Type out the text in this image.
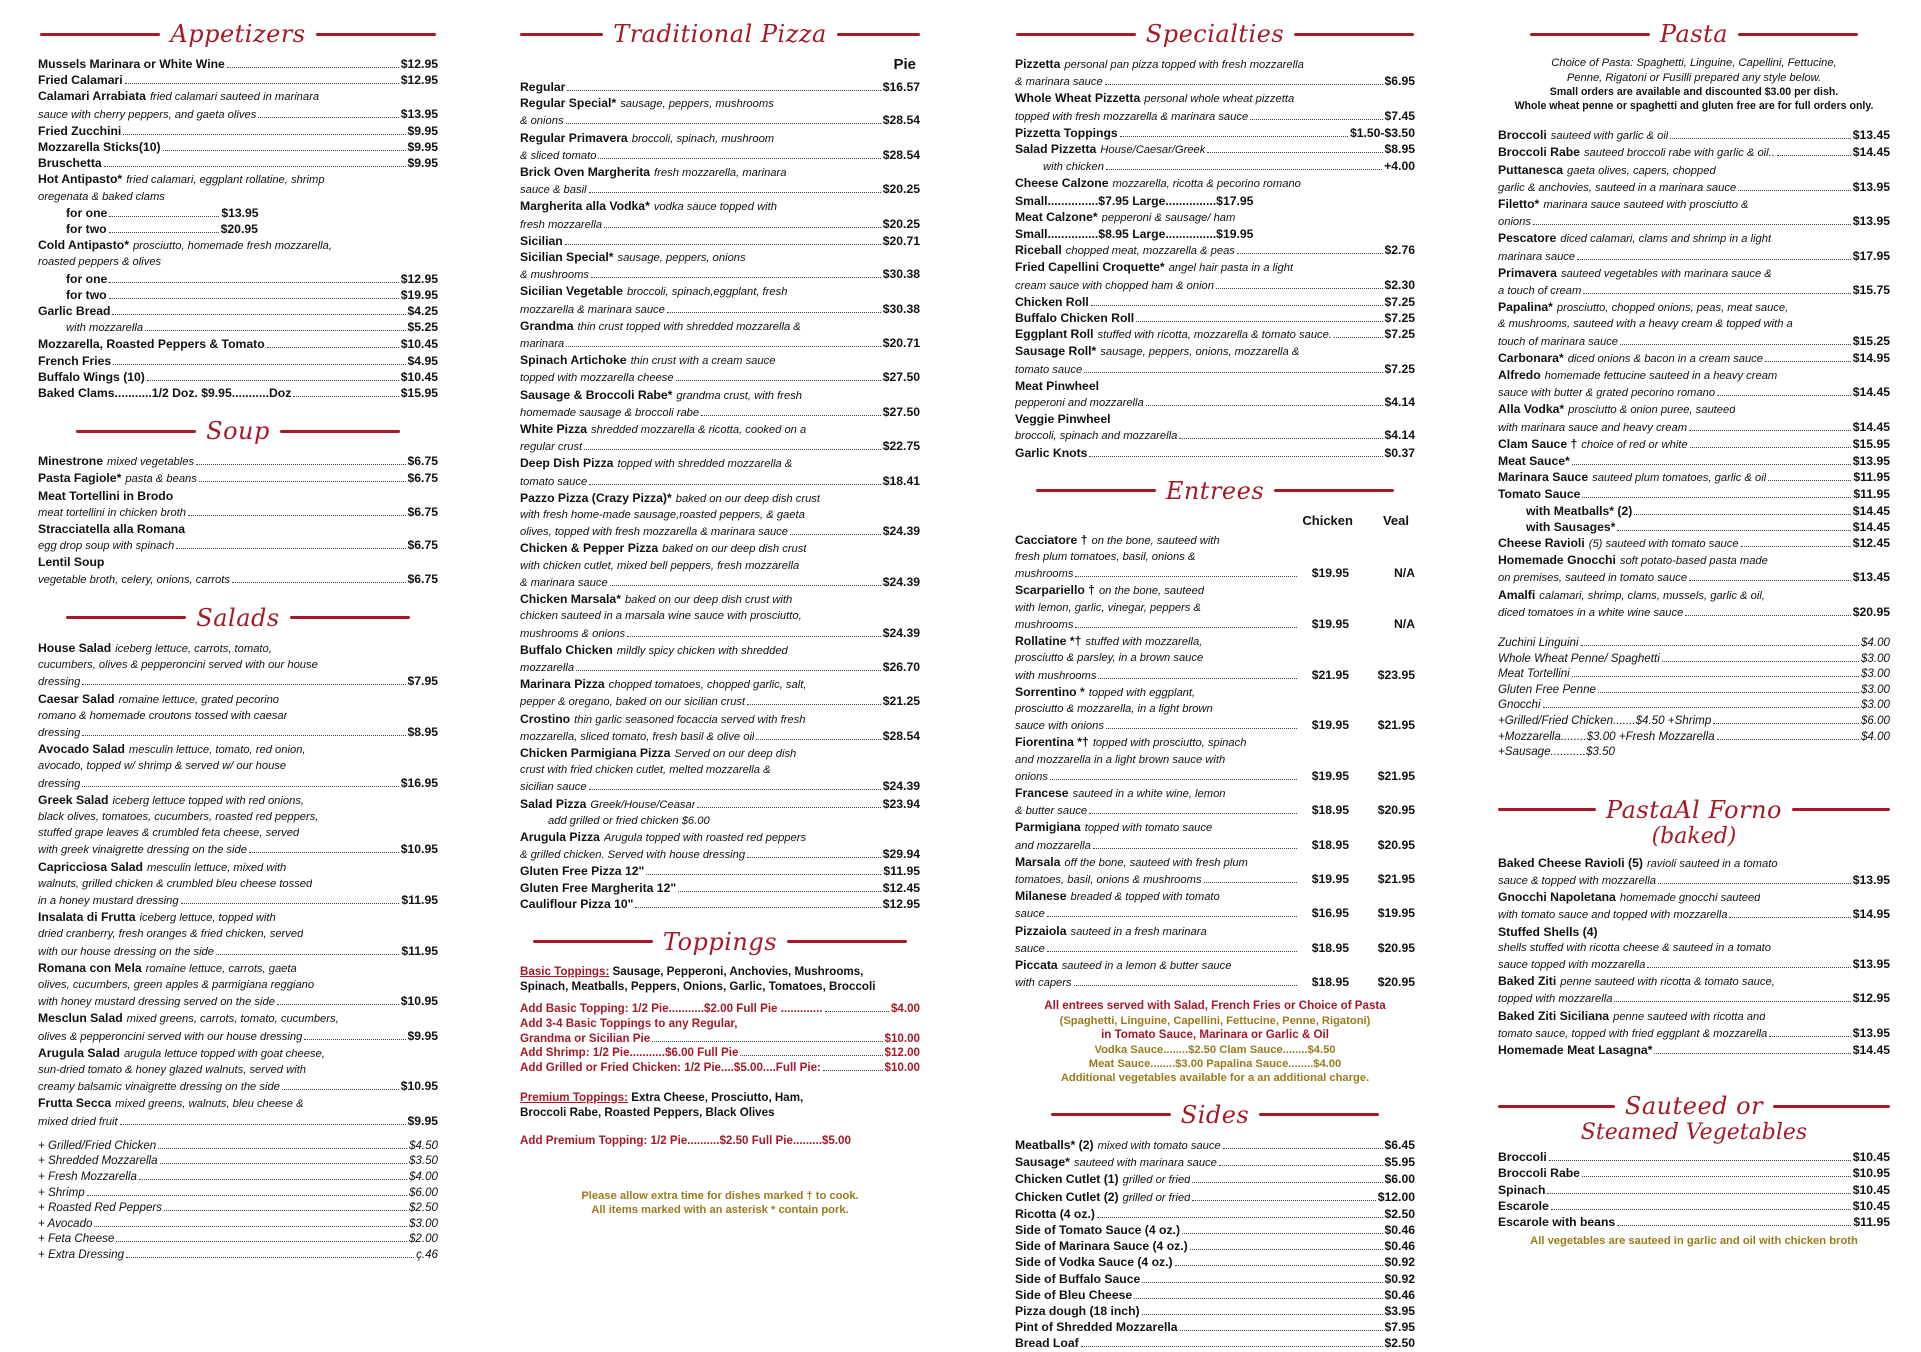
Appetizers
Mussels Marinara or White Wine	$12.95
Fried Calamari	$12.95
Calamari Arrabiata fried calamari sauteed in marinara
sauce with cherry peppers, and gaeta olives	$13.95
Fried Zucchini	$9.95
Mozzarella Sticks(10)	$9.95
Bruschetta	$9.95
Hot Antipasto* fried calamari, eggplant rollatine, shrimp
oregenata & baked clams
for one	$13.95
for two	$20.95
Cold Antipasto* prosciutto, homemade fresh mozzarella,
roasted peppers & olives
for one	$12.95
for two	$19.95
Garlic Bread	$4.25
with mozzarella	$5.25
Mozzarella, Roasted Peppers & Tomato	$10.45
French Fries	$4.95
Buffalo Wings (10)	$10.45
Baked Clams...........1/2 Doz. $9.95...........Doz	$15.95
Soup
Minestrone mixed vegetables	$6.75
Pasta Fagiole* pasta & beans	$6.75
Meat Tortellini in Brodo
meat tortellini in chicken broth	$6.75
Stracciatella alla Romana
egg drop soup with spinach	$6.75
Lentil Soup
vegetable broth, celery, onions, carrots	$6.75
Salads
House Salad iceberg lettuce, carrots, tomato,
cucumbers, olives & pepperoncini served with our house
dressing	$7.95
Caesar Salad romaine lettuce, grated pecorino
romano & homemade croutons tossed with caesar
dressing	$8.95
Avocado Salad mesculin lettuce, tomato, red onion,
avocado, topped w/ shrimp & served w/ our house
dressing	$16.95
Greek Salad iceberg lettuce topped with red onions,
black olives, tomatoes, cucumbers, roasted red peppers,
stuffed grape leaves & crumbled feta cheese, served
with greek vinaigrette dressing on the side	$10.95
Capricciosa Salad mesculin lettuce, mixed with
walnuts, grilled chicken & crumbled bleu cheese tossed
in a honey mustard dressing	$11.95
Insalata di Frutta iceberg lettuce, topped with
dried cranberry, fresh oranges & fried chicken, served
with our house dressing on the side	$11.95
Romana con Mela romaine lettuce, carrots, gaeta
olives, cucumbers, green apples & parmigiana reggiano
with honey mustard dressing served on the side	$10.95
Mesclun Salad mixed greens, carrots, tomato, cucumbers,
olives & pepperoncini served with our house dressing	$9.95
Arugula Salad arugula lettuce topped with goat cheese,
sun-dried tomato & honey glazed walnuts, served with
creamy balsamic vinaigrette dressing on the side	$10.95
Frutta Secca mixed greens, walnuts, bleu cheese &
mixed dried fruit	$9.95
+ Grilled/Fried Chicken	$4.50
+ Shredded Mozzarella	$3.50
+ Fresh Mozzarella	$4.00
+ Shrimp	$6.00
+ Roasted Red Peppers	$2.50
+ Avocado	$3.00
+ Feta Cheese	$2.00
+ Extra Dressing	ç.46
Traditional Pizza
Pie
Regular	$16.57
Regular Special* sausage, peppers, mushrooms
& onions	$28.54
Regular Primavera broccoli, spinach, mushroom
& sliced tomato	$28.54
Brick Oven Margherita fresh mozzarella, marinara
sauce & basil	$20.25
Margherita alla Vodka* vodka sauce topped with
fresh mozzarella	$20.25
Sicilian	$20.71
Sicilian Special* sausage, peppers, onions
& mushrooms	$30.38
Sicilian Vegetable broccoli, spinach,eggplant, fresh
mozzarella & marinara sauce	$30.38
Grandma thin crust topped with shredded mozzarella &
marinara	$20.71
Spinach Artichoke thin crust with a cream sauce
topped with mozzarella cheese	$27.50
Sausage & Broccoli Rabe* grandma crust, with fresh
homemade sausage & broccoli rabe	$27.50
White Pizza shredded mozzarella & ricotta, cooked on a
regular crust	$22.75
Deep Dish Pizza topped with shredded mozzarella &
tomato sauce	$18.41
Pazzo Pizza (Crazy Pizza)* baked on our deep dish crust
with fresh home-made sausage,roasted peppers, & gaeta
olives, topped with fresh mozzarella & marinara sauce	$24.39
Chicken & Pepper Pizza baked on our deep dish crust
with chicken cutlet, mixed bell peppers, fresh mozzarella
& marinara sauce	$24.39
Chicken Marsala* baked on our deep dish crust with
chicken sauteed in a marsala wine sauce with prosciutto,
mushrooms & onions	$24.39
Buffalo Chicken mildly spicy chicken with shredded
mozzarella	$26.70
Marinara Pizza chopped tomatoes, chopped garlic, salt,
pepper & oregano, baked on our sicilian crust	$21.25
Crostino thin garlic seasoned focaccia served with fresh
mozzarella, sliced tomato, fresh basil & olive oil	$28.54
Chicken Parmigiana Pizza Served on our deep dish
crust with fried chicken cutlet, melted mozzarella &
sicilian sauce	$24.39
Salad Pizza Greek/House/Ceasar	$23.94
add grilled or fried chicken $6.00
Arugula Pizza Arugula topped with roasted red peppers
& grilled chicken. Served with house dressing	$29.94
Gluten Free Pizza 12"	$11.95
Gluten Free Margherita 12"	$12.45
Cauliflour Pizza 10"	$12.95
Toppings
Basic Toppings: Sausage, Pepperoni, Anchovies, Mushrooms,
Spinach, Meatballs, Peppers, Onions, Garlic, Tomatoes, Broccoli
Add Basic Topping: 1/2 Pie...........$2.00 Full Pie .............	$4.00
Add 3-4 Basic Toppings to any Regular,
Grandma or Sicilian Pie	$10.00
Add Shrimp: 1/2 Pie...........$6.00 Full Pie	$12.00
Add Grilled or Fried Chicken: 1/2 Pie....$5.00....Full Pie:	$10.00
Premium Toppings: Extra Cheese, Prosciutto, Ham,
Broccoli Rabe, Roasted Peppers, Black Olives
Add Premium Topping: 1/2 Pie..........$2.50 Full Pie.........$5.00
Please allow extra time for dishes marked † to cook.
All items marked with an asterisk * contain pork.
Specialties
Pizzetta personal pan pizza topped with fresh mozzarella
& marinara sauce	$6.95
Whole Wheat Pizzetta personal whole wheat pizzetta
topped with fresh mozzarella & marinara sauce	$7.45
Pizzetta Toppings	$1.50-$3.50
Salad Pizzetta House/Caesar/Greek	$8.95
with chicken	+4.00
Cheese Calzone mozzarella, ricotta & pecorino romano
Small...............$7.95 Large...............$17.95
Meat Calzone* pepperoni & sausage/ ham
Small...............$8.95 Large...............$19.95
Riceball chopped meat, mozzarella & peas	$2.76
Fried Capellini Croquette* angel hair pasta in a light
cream sauce with chopped ham & onion	$2.30
Chicken Roll	$7.25
Buffalo Chicken Roll	$7.25
Eggplant Roll stuffed with ricotta, mozzarella & tomato sauce.	$7.25
Sausage Roll* sausage, peppers, onions, mozzarella &
tomato sauce	$7.25
Meat Pinwheel
pepperoni and mozzarella	$4.14
Veggie Pinwheel
broccoli, spinach and mozzarella	$4.14
Garlic Knots	$0.37
Entrees
Chicken Veal
Cacciatore † on the bone, sauteed with
fresh plum tomatoes, basil, onions &
mushrooms	$19.95	N/A
Scarpariello † on the bone, sauteed
with lemon, garlic, vinegar, peppers &
mushrooms	$19.95	N/A
Rollatine *† stuffed with mozzarella,
prosciutto & parsley, in a brown sauce
with mushrooms	$21.95	$23.95
Sorrentino * topped with eggplant,
prosciutto & mozzarella, in a light brown
sauce with onions	$19.95	$21.95
Fiorentina *† topped with prosciutto, spinach
and mozzarella in a light brown sauce with
onions	$19.95	$21.95
Francese sauteed in a white wine, lemon
& butter sauce	$18.95	$20.95
Parmigiana topped with tomato sauce
and mozzarella	$18.95	$20.95
Marsala off the bone, sauteed with fresh plum
tomatoes, basil, onions & mushrooms	$19.95	$21.95
Milanese breaded & topped with tomato
sauce	$16.95	$19.95
Pizzaiola sauteed in a fresh marinara
sauce	$18.95	$20.95
Piccata sauteed in a lemon & butter sauce
with capers	$18.95	$20.95
All entrees served with Salad, French Fries or Choice of Pasta
(Spaghetti, Linguine, Capellini, Fettucine, Penne, Rigatoni)
in Tomato Sauce, Marinara or Garlic & Oil
Vodka Sauce........$2.50 Clam Sauce........$4.50
Meat Sauce........$3.00 Papalina Sauce........$4.00
Additional vegetables available for a an additional charge.
Sides
Meatballs* (2) mixed with tomato sauce	$6.45
Sausage* sauteed with marinara sauce	$5.95
Chicken Cutlet (1) grilled or fried	$6.00
Chicken Cutlet (2) grilled or fried	$12.00
Ricotta (4 oz.)	$2.50
Side of Tomato Sauce (4 oz.)	$0.46
Side of Marinara Sauce (4 oz.)	$0.46
Side of Vodka Sauce (4 oz.)	$0.92
Side of Buffalo Sauce	$0.92
Side of Bleu Cheese	$0.46
Pizza dough (18 inch)	$3.95
Pint of Shredded Mozzarella	$7.95
Bread Loaf	$2.50
Pasta
Choice of Pasta: Spaghetti, Linguine, Capellini, Fettucine,
Penne, Rigatoni or Fusilli prepared any style below.
Small orders are available and discounted $3.00 per dish.
Whole wheat penne or spaghetti and gluten free are for full orders only.
Broccoli sauteed with garlic & oil	$13.45
Broccoli Rabe sauteed broccoli rabe with garlic & oil..	$14.45
Puttanesca gaeta olives, capers, chopped
garlic & anchovies, sauteed in a marinara sauce	$13.95
Filetto* marinara sauce sauteed with prosciutto &
onions	$13.95
Pescatore diced calamari, clams and shrimp in a light
marinara sauce	$17.95
Primavera sauteed vegetables with marinara sauce &
a touch of cream	$15.75
Papalina* prosciutto, chopped onions, peas, meat sauce,
& mushrooms, sauteed with a heavy cream & topped with a
touch of marinara sauce	$15.25
Carbonara* diced onions & bacon in a cream sauce	$14.95
Alfredo homemade fettucine sauteed in a heavy cream
sauce with butter & grated pecorino romano	$14.45
Alla Vodka* prosciutto & onion puree, sauteed
with marinara sauce and heavy cream	$14.45
Clam Sauce † choice of red or white	$15.95
Meat Sauce*	$13.95
Marinara Sauce sauteed plum tomatoes, garlic & oil	$11.95
Tomato Sauce	$11.95
with Meatballs* (2)	$14.45
with Sausages*	$14.45
Cheese Ravioli (5) sauteed with tomato sauce	$12.45
Homemade Gnocchi soft potato-based pasta made
on premises, sauteed in tomato sauce	$13.45
Amalfi calamari, shrimp, clams, mussels, garlic & oil,
diced tomatoes in a white wine sauce	$20.95
Zuchini Linguini	$4.00
Whole Wheat Penne/ Spaghetti	$3.00
Meat Tortellini	$3.00
Gluten Free Penne	$3.00
Gnocchi	$3.00
+Grilled/Fried Chicken.......$4.50 +Shrimp	$6.00
+Mozzarella........$3.00 +Fresh Mozzarella	$4.00
+Sausage...........$3.50
PastaAl Forno
(baked)
Baked Cheese Ravioli (5) ravioli sauteed in a tomato
sauce & topped with mozzarella	$13.95
Gnocchi Napoletana homemade gnocchi sauteed
with tomato sauce and topped with mozzarella	$14.95
Stuffed Shells (4)
shells stuffed with ricotta cheese & sauteed in a tomato
sauce topped with mozzarella	$13.95
Baked Ziti penne sauteed with ricotta & tomato sauce,
topped with mozzarella	$12.95
Baked Ziti Siciliana penne sauteed with ricotta and
tomato sauce, topped with fried eggplant & mozzarella	$13.95
Homemade Meat Lasagna*	$14.45
Sauteed or
Steamed Vegetables
Broccoli	$10.45
Broccoli Rabe	$10.95
Spinach	$10.45
Escarole	$10.45
Escarole with beans	$11.95
All vegetables are sauteed in garlic and oil with chicken broth
